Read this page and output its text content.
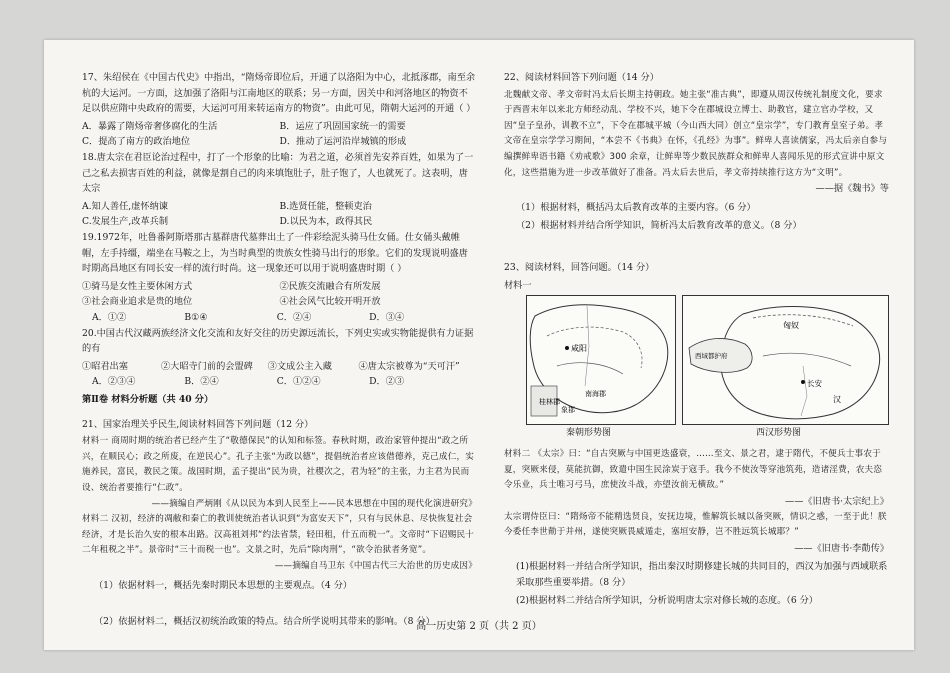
17、朱绍侯在《中国古代史》中指出，“隋炀帝即位后，开通了以洛阳为中心，北抵涿郡，南至余杭的大运河。一方面，这加强了洛阳与江南地区的联系；另一方面，因关中和河洛地区的物资不足以供应隋中央政府的需要，大运河可用来转运南方的物资”。由此可见，隋朝大运河的开通（ ）

A．暴露了隋炀帝奢侈腐化的生活	B．运应了巩固国家统一的需要
C．提高了南方的政治地位	D．推动了运河沿岸城镇的形成

18.唐太宗在君臣论治过程中，打了一个形象的比喻：为君之道，必须首先安养百姓，如果为了一己之私去损害百姓的利益，就像是割自己的肉来填饱肚子，肚子饱了，人也就死了。这表明，唐太宗

A.知人善任,虚怀纳谏	B.选贤任能，整顿吏治
C.发展生产,改革兵制	D.以民为本，政得其民

19.1972年，吐鲁番阿斯塔那古墓群唐代墓葬出土了一件彩绘泥头骑马仕女俑。仕女俑头戴帷帽，左手持缰，端坐在马鞍之上，为当时典型的贵族女性骑马出行的形象。它们的发现说明盛唐时期高昌地区有同长安一样的流行时尚。这一现象还可以用于说明盛唐时期（ ）

①骑马是女性主要休闲方式	②民族交流融合有所发展
③社会商业追求是贵的地位	④社会风气比较开明开放
A．①②	B①④	C．②④	D．③④

20.中国古代汉藏两族经济文化交流和友好交往的历史源远流长，下列史实或实物能提供有力证据的有

①昭君出塞	②大昭寺门前的会盟碑	③文成公主入藏	④唐太宗被尊为“天可汗”
A．②③④	B．②④	C．①②④	D．②③

第Ⅱ卷 材料分析题（共 40 分）

21、国家治理关乎民生,阅读材料回答下列问题（12 分）

材料一 商周时期的统治者已经产生了“敬德保民”的认知和标签。春秋时期，政治家管仲提出“政之所兴，在顺民心；政之所废，在逆民心”。孔子主张“为政以德”，提倡统治者应该借德养，克己成仁，实施养民，富民，教民之策。战国时期，孟子提出“民为贵，社稷次之，君为轻”的主张，力主君为民而设、统治者要推行“仁政”。

——摘编自严炳刚《从以民为本到人民至上——民本思想在中国的现代化演进研究》

材料二 汉初，经济的凋敝和秦亡的教训使统治者认识到“为富安天下”，只有与民休息、尽快恢复社会经济，才是长治久安的根本出路。汉高祖刘邦“约法省禁，轻田租，什五而税一”。文帝时“下诏赐民十二年租税之半”。景帝时“三十而税一也”。文景之时，先后“除肉刑”，“欲令治狱者务宽”。

——摘编自马卫东《中国古代三大治世的历史成因》

（1）依据材料一，概括先秦时期民本思想的主要观点。（4 分）

（2）依据材料二，概括汉初统治政策的特点。结合所学说明其带来的影响。（8 分）

22、阅读材料回答下列问题（14 分）

北魏献文帝、孝文帝时冯太后长期主持朝政。她主张“准古典”，即遵从周汉传统礼制度文化，要求于西晋末年以来北方师经动乱、学校不兴，她下令在郡城设立博士、助教官，建立官办学校，又因“皇子皇孙，训教不立”，下令在郡城平城（今山西大同）创立“皇宗学”，专门教育皇室子弟。孝文帝在皇宗学学习期间，“本尝不《书典》在怀，《孔经》为事”。鲜卑人喜读儒家，冯太后亲自参与编撰鲜卑语书籍《劝戒歌》300 余章，让鲜卑等少数民族群众和鲜卑人喜闻乐见的形式宣讲中原文化，这些措施为进一步改革做好了准备。冯太后去世后，孝文帝持续推行这方为“文明”。

——据《魏书》等

（1）根据材料，概括冯太后教育改革的主要内容。（6 分）

（2）根据材料并结合所学知识，简析冯太后教育改革的意义。（8 分）

23、阅读材料，回答问题。（14 分）

材料一

咸阳
桂林郡
南海郡
象郡
西域都护府
匈奴
长安
汉
秦朝形势图	西汉形势图

材料二 《太宗》曰：“自古突厥与中国更迭盛衰，……至文、景之君，逮于隋代，不便兵士事农于夏，突厥来侵，莫能抗御，致遣中国生民涂炭于寇手。我今不使汝等穿池筑苑，造诸淫费，农夫恣令乐业，兵士唯习弓马，庶使汝斗战，亦望汝前无横敌。”

——《旧唐书·太宗纪上》

太宗谓侍臣曰：“隋炀帝不能精选贤良，安抚边境，惟解筑长城以备突厥，情识之惑，一至于此！朕今委任李世勣于并州，遂使突厥畏威遁走，塞垣安静，岂不胜远筑长城耶？”

——《旧唐书·李勣传》

(1)根据材料一并结合所学知识，指出秦汉时期修建长城的共同目的，西汉为加强与西域联系采取那些重要举措。（8 分）

(2)根据材料二并结合所学知识，分析说明唐太宗对修长城的态度。（6 分）

高一历史第 2 页（共 2 页）
